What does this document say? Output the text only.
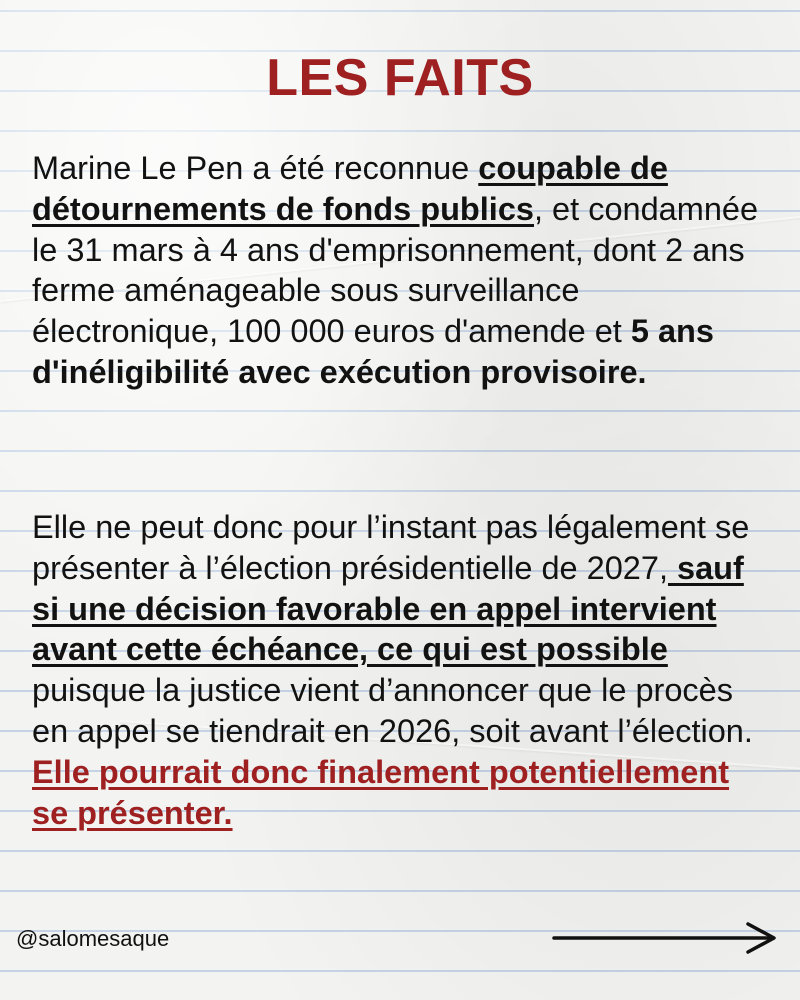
LES FAITS

Marine Le Pen a été reconnue coupable de détournements de fonds publics, et condamnée le 31 mars à 4 ans d'emprisonnement, dont 2 ans ferme aménageable sous surveillance électronique, 100 000 euros d'amende et 5 ans d'inéligibilité avec exécution provisoire.

Elle ne peut donc pour l’instant pas légalement se présenter à l’élection présidentielle de 2027, sauf si une décision favorable en appel intervient avant cette échéance, ce qui est possible puisque la justice vient d’annoncer que le procès en appel se tiendrait en 2026, soit avant l’élection. Elle pourrait donc finalement potentiellement se présenter.

@salomesaque
